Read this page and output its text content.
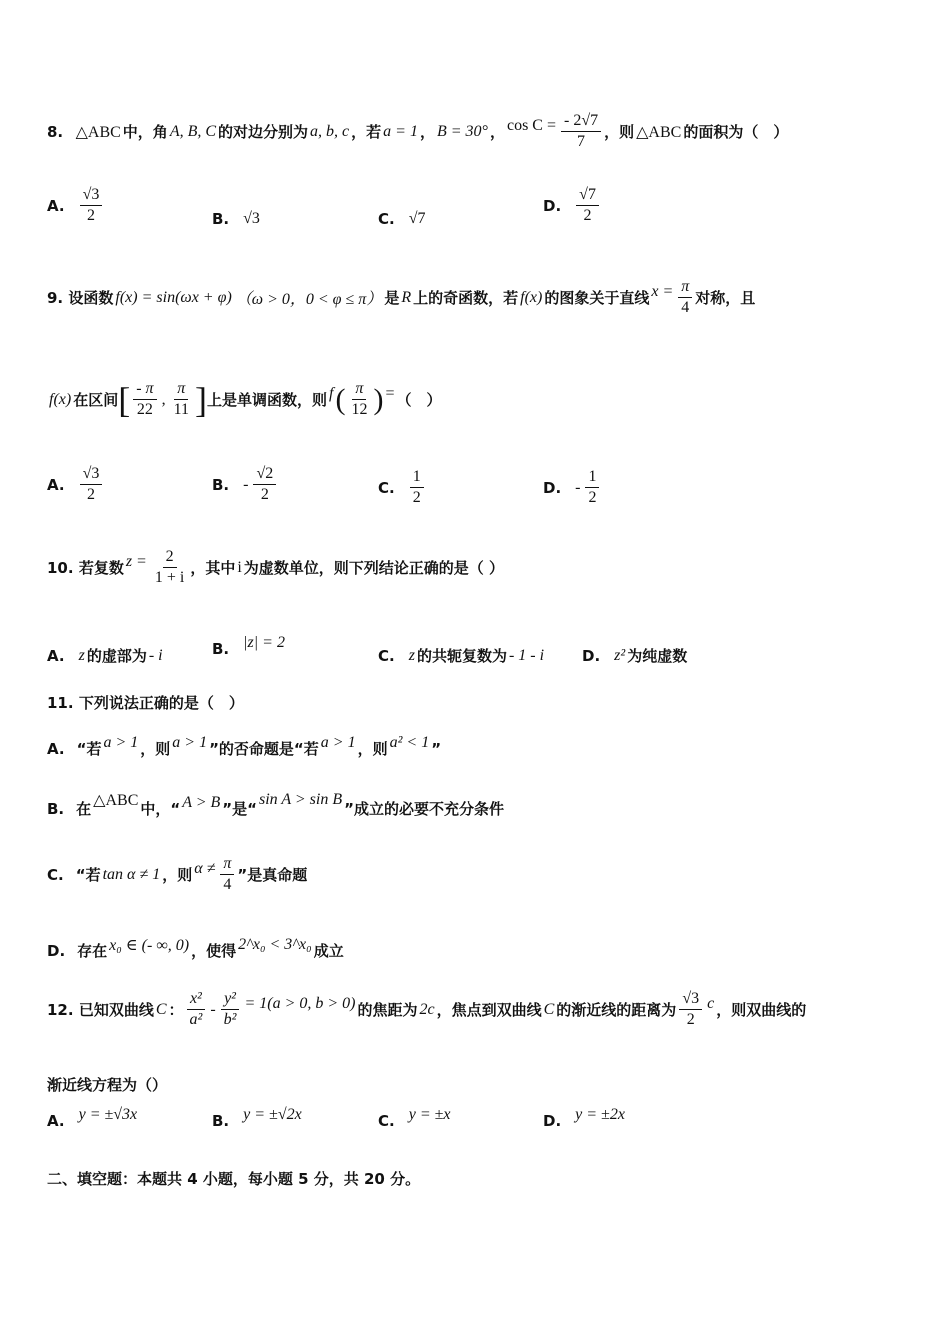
8.
△ABC 中，角 A, B, C 的对边分别为 a, b, c ，若 a = 1 ， B = 30° ， $\cos C = \frac{- 2√7}{7}$ ，则 △ABC 的面积为（　）
A. $\frac{√3}{2}$	B. √3	C. √7
D. $\frac{√7}{2}$
9.
设函数 f(x) = sin(ωx + φ) （ω > 0，0 < φ ≤ π） 是 R 上的奇函数，若 f(x) 的图象关于直线 $x = \frac{\pi}{4}$ 对称，且
f(x) 在区间 [ $\frac{- \pi}{22}$ , $\frac{\pi}{11}$ ] 上是单调函数，则 f ( $\frac{\pi}{12}$ ) = （　）
A. $\frac{√3}{2}$	B. - $\frac{√2}{2}$	C. $\frac{1}{2}$	D. - $\frac{1}{2}$
10.
若复数 $z = \frac{2}{1 + i}$ ，其中 i 为虚数单位，则下列结论正确的是（ ）
A. z 的虚部为 - i	B. |z| = 2
C. z 的共轭复数为 - 1 - i	D. z² 为纯虚数
11.
下列说法正确的是（　）
A. “若 a > 1 ，则 a > 1 ”的否命题是“若 a > 1 ，则 a² < 1 ”
B. 在 △ABC 中，“ A > B ”是“
sin A > sin B
”成立的必要不充分条件
C. “若 tan α ≠ 1 ，则 $\alpha \ne \frac{\pi}{4}$ ”是真命题
D. 存在 x₀ ∈ (- ∞, 0) ，使得 2^x₀ < 3^x₀ 成立
12.
已知双曲线 C ： $\frac{\text{x²}}{\text{a²}} - \frac{\text{y²}}{\text{b²}} = 1(a > 0$, b > 0) 的焦距为 2c ，焦点到双曲线 C 的渐近线的距离为 $\frac{√3}{2}$ c ，则双曲线的
渐近线方程为（）
A. y = ±√3x	B. y = ±√2x	C. y = ±x	D. y = ±2x
二、填空题：本题共 4 小题，每小题 5 分，共 20 分。
